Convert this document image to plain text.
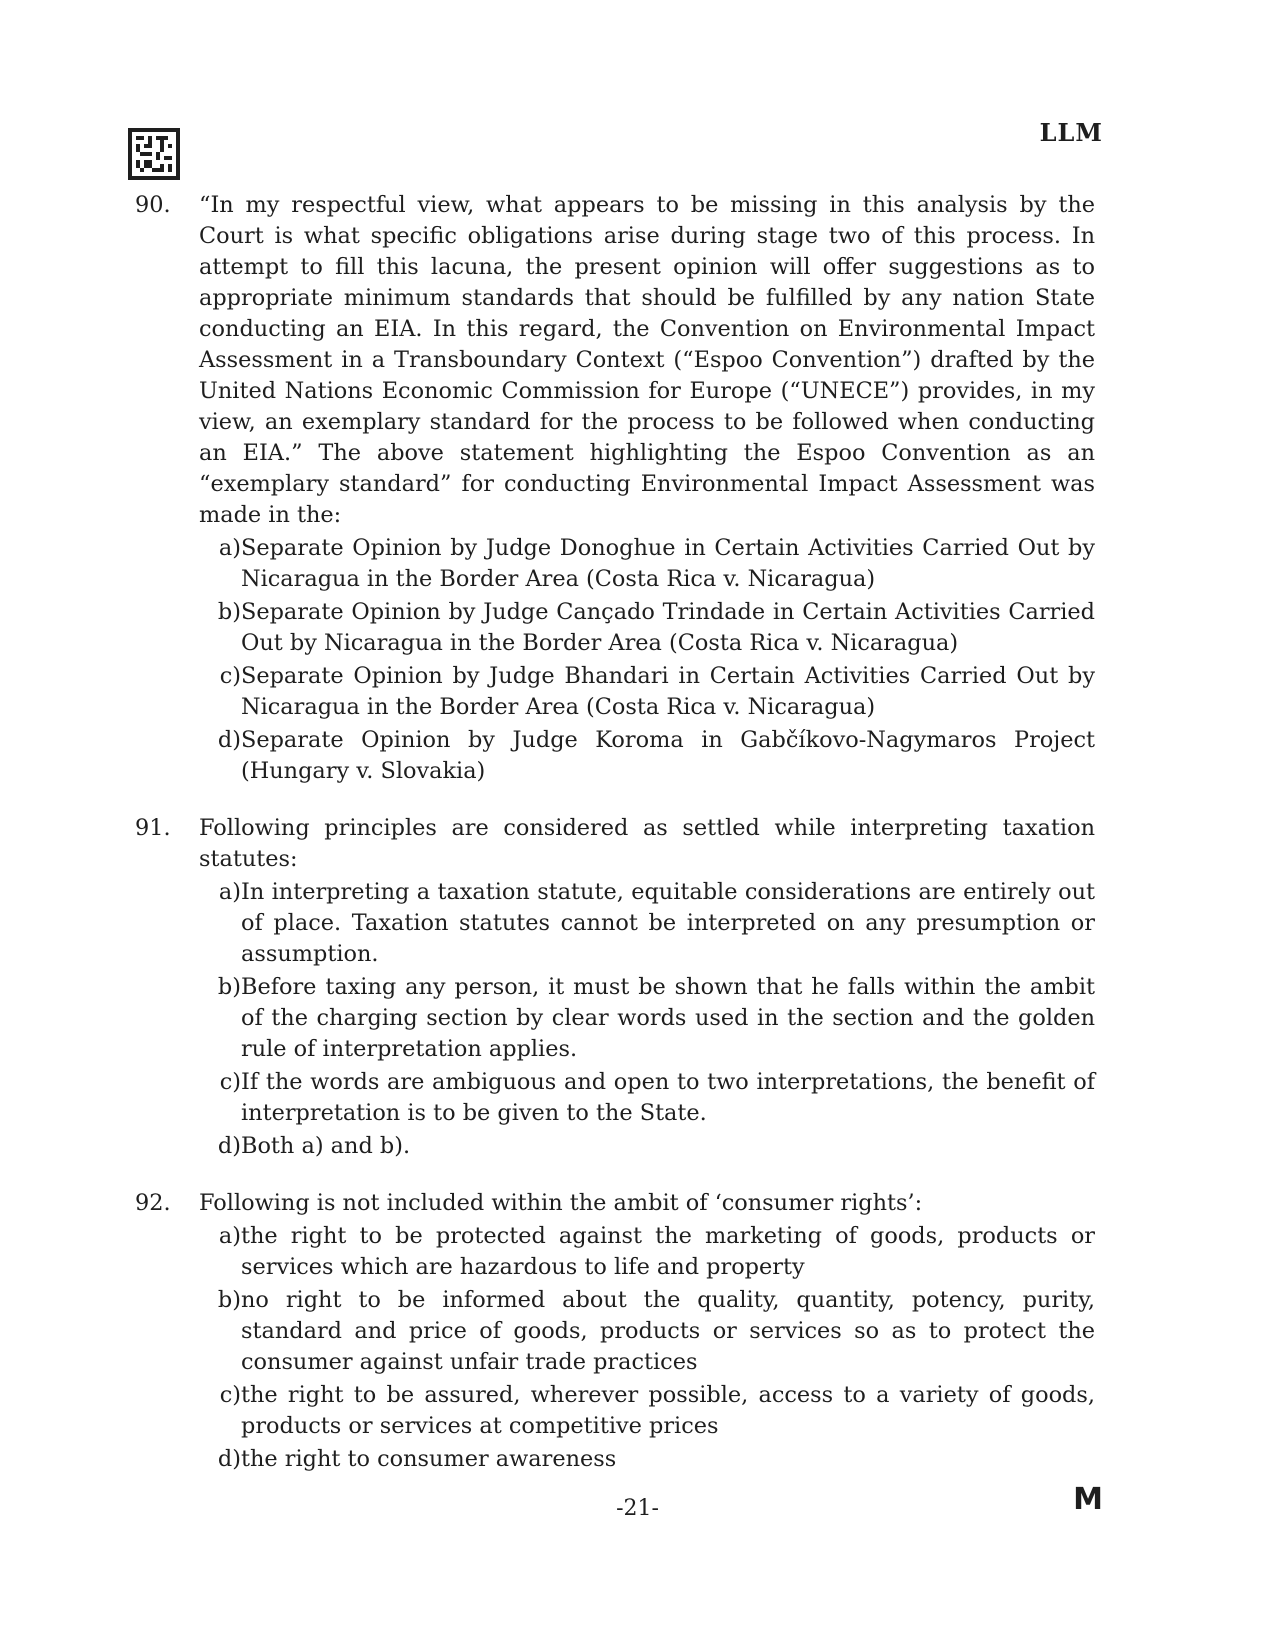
LLM
90.	“In my respectful view, what appears to be missing in this analysis by the Court is what specific obligations arise during stage two of this process. In attempt to fill this lacuna, the present opinion will offer suggestions as to appropriate minimum standards that should be fulfilled by any nation State conducting an EIA. In this regard, the Convention on Environmental Impact Assessment in a Transboundary Context (“Espoo Convention”) drafted by the United Nations Economic Commission for Europe (“UNECE”) provides, in my view, an exemplary standard for the process to be followed when conducting an EIA.” The above statement highlighting the Espoo Convention as an “exemplary standard” for conducting Environmental Impact Assessment was made in the:
a) Separate Opinion by Judge Donoghue in Certain Activities Carried Out by Nicaragua in the Border Area (Costa Rica v. Nicaragua)
b) Separate Opinion by Judge Cançado Trindade in Certain Activities Carried Out by Nicaragua in the Border Area (Costa Rica v. Nicaragua)
c) Separate Opinion by Judge Bhandari in Certain Activities Carried Out by Nicaragua in the Border Area (Costa Rica v. Nicaragua)
d) Separate Opinion by Judge Koroma in Gabčíkovo-Nagymaros Project (Hungary v. Slovakia)
91.	Following principles are considered as settled while interpreting taxation statutes:
a) In interpreting a taxation statute, equitable considerations are entirely out of place. Taxation statutes cannot be interpreted on any presumption or assumption.
b) Before taxing any person, it must be shown that he falls within the ambit of the charging section by clear words used in the section and the golden rule of interpretation applies.
c) If the words are ambiguous and open to two interpretations, the benefit of interpretation is to be given to the State.
d) Both a) and b).
92.	Following is not included within the ambit of ‘consumer rights’:
a) the right to be protected against the marketing of goods, products or services which are hazardous to life and property
b) no right to be informed about the quality, quantity, potency, purity, standard and price of goods, products or services so as to protect the consumer against unfair trade practices
c) the right to be assured, wherever possible, access to a variety of goods, products or services at competitive prices
d) the right to consumer awareness
-21-	M
